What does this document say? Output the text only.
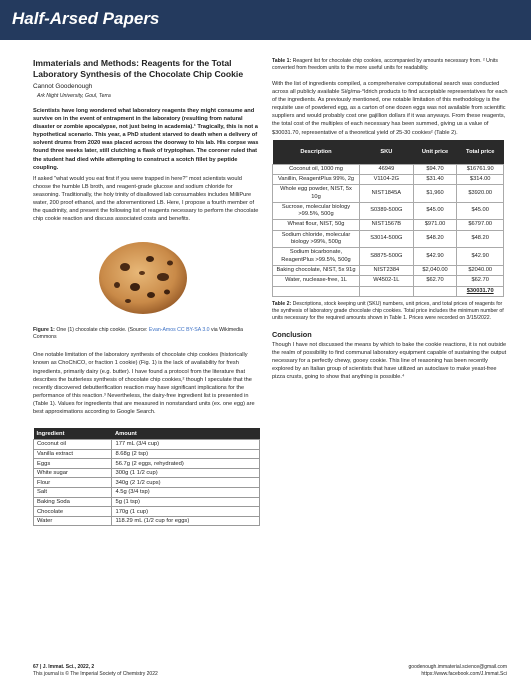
Half-Arsed Papers

Immaterials and Methods: Reagents for the Total Laboratory Synthesis of the Chocolate Chip Cookie

Cannot Goodenough

Ark Night University, Goul, Terra

Scientists have long wondered what laboratory reagents they might consume and survive on in the event of entrapment in the laboratory (resulting from natural disaster or zombie apocalypse, not just being in academia).¹ Tragically, this is not a hypothetical scenario. This year, a PhD student starved to death when a delivery of solvent drums from 2020 was placed across the doorway to his lab. His corpse was found three weeks later, still clutching a flask of tryptophan. The coroner ruled that the student had died while attempting to construct a scotch fillet by peptide coupling.

If asked "what would you eat first if you were trapped in here?" most scientists would choose the humble LB broth, and reagent-grade glucose and sodium chloride for seasoning. Traditionally, the holy trinity of disallowed lab consumables includes MilliPure water, 200 proof ethanol, and the aforementioned LB. Here, I propose a fourth member of the quadrinity, and present the following list of reagents necessary to perform the chocolate chip cookie reaction and discuss associated costs and benefits.

Figure 1: One (1) chocolate chip cookie. (Source: Evan-Amos CC BY-SA 3.0 via Wikimedia Commons

One notable limitation of the laboratory synthesis of chocolate chip cookies (historically known as ChoChiCO, or fraction 1 cookie) (Fig. 1) is the lack of availability for fresh ingredients, primarily dairy (e.g. butter). I have found a protocol from the literature that describes the butterless synthesis of chocolate chip cookies,² though I speculate that the recently discovered debutterification reaction may have significant implications for the performance of this reaction.³ Nevertheless, the dairy-free ingredient list is presented in (Table 1). Values for ingredients that are measured in nonstandard units (ex. one egg) are best approximations according to Google Search.

Ingredient	Amount
Coconut oil	177 mL (3/4 cup)
Vanilla extract	8.68g (2 tsp)
Eggs	56.7g (2 eggs, rehydrated)
White sugar	300g (1 1/2 cup)
Flour	340g (2 1/2 cups)
Salt	4.5g (3/4 tsp)
Baking Soda	5g (1 tsp)
Chocolate	170g (1 cup)
Water	118.29 mL (1/2 cup for eggs)

Table 1: Reagent list for chocolate chip cookies, accompanied by amounts necessary from. ² Units converted from freedom units to the more useful units for readability.

With the list of ingredients compiled, a comprehensive computational search was conducted across all publicly available Si/g/ma-°ldrich products to find acceptable representatives for each of the ingredients. As previously mentioned, one notable limitation of this methodology is the requisite use of powdered egg, as a carton of one dozen eggs was not available from scientific suppliers and would probably cost one gajillion dollars if it was anyways. From these reagents, the total cost of the multiples of each necessary has been summed, giving us a value of $30031.70, representative of a theoretical yield of 25-30 cookies² (Table 2).

Description	SKU	Unit price	Total price
Coconut oil, 1000 mg	46949	$94.70	$16761.90
Vanillin, ReagentPlus 99%, 2g	V1104-2G	$31.40	$314.00
Whole egg powder, NIST, 5x 10g	NIST1845A	$1,960	$3920.00
Sucrose, molecular biology >99.5%, 500g	S0389-500G	$45.00	$45.00
Wheat flour, NIST, 50g	NIST1567B	$971.00	$6797.00
Sodium chloride, molecular biology >99%, 500g	S3014-500G	$48.20	$48.20
Sodium bicarbonate, ReagentPlus >99.5%, 500g	S8875-500G	$42.90	$42.90
Baking chocolate, NIST, 5x 91g	NIST2384	$2,040.00	$2040.00
Water, nuclease-free, 1L	W4502-1L	$62.70	$62.70
			$30031.70

Table 2: Descriptions, stock keeping unit (SKU) numbers, unit prices, and total prices of reagents for the synthesis of laboratory grade chocolate chip cookies. Total price includes the minimum number of units necessary for the required amounts shown in Table 1. Prices were recorded on 3/15/2022.

Conclusion

Though I have not discussed the means by which to bake the cookie reactions, it is not outside the realm of possibility to find communal laboratory equipment capable of sustaining the output necessary for a perfectly chewy, gooey cookie. This line of reasoning has been recently explored by an Italian group of scientists that have utilized an autoclave to make yeast-free pizza crusts, going to show that anything is possible.⁴

67 | J. Immat. Sci., 2022, 2
This journal is © The Imperial Society of Chemistry 2022
goodenough.immaterial.science@gmail.com
https://www.facebook.com/J.Immat.Sci
